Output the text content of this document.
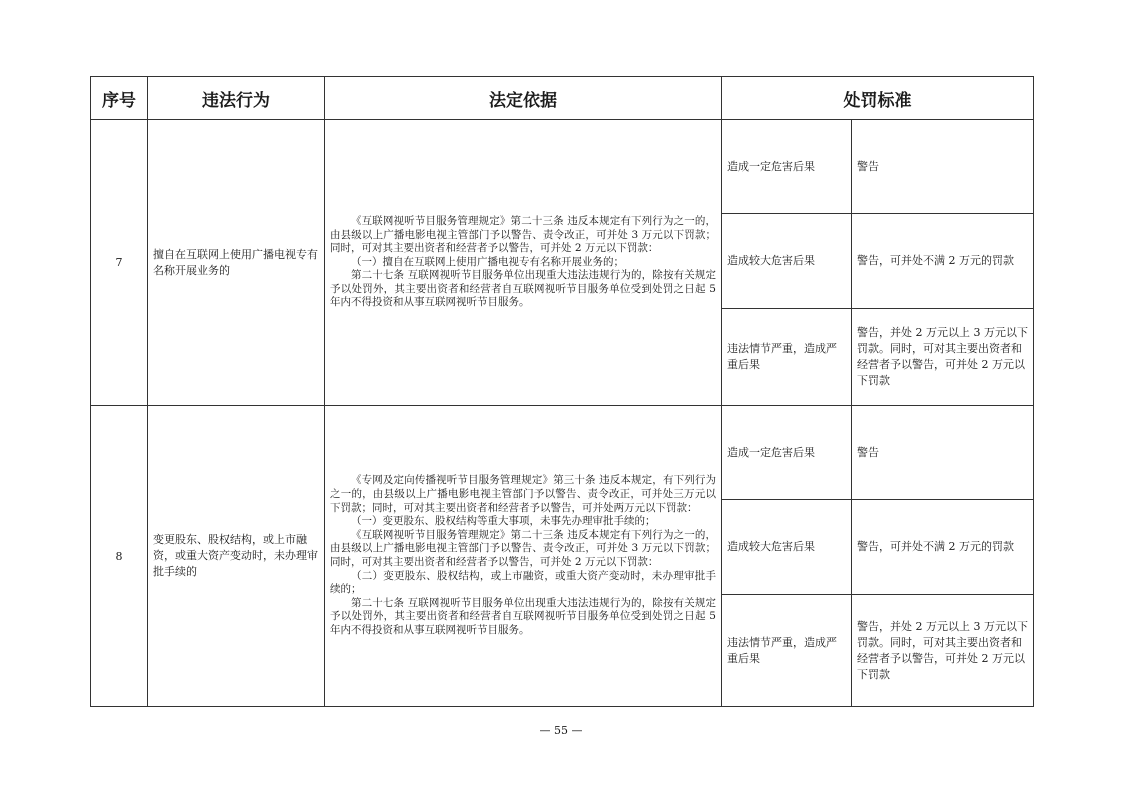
序号	违法行为	法定依据	处罚标准	
7	擅自在互联网上使用广播电视专有名称开展业务的	《互联网视听节目服务管理规定》第二十三条 违反本规定有下列行为之一的，由县级以上广播电影电视主管部门予以警告、责令改正，可并处 3 万元以下罚款；同时，可对其主要出资者和经营者予以警告，可并处 2 万元以下罚款：

（一）擅自在互联网上使用广播电视专有名称开展业务的；

第二十七条 互联网视听节目服务单位出现重大违法违规行为的，除按有关规定予以处罚外，其主要出资者和经营者自互联网视听节目服务单位受到处罚之日起 5 年内不得投资和从事互联网视听节目服务。	造成一定危害后果	警告
			造成较大危害后果	警告，可并处不满 2 万元的罚款
			违法情节严重，造成严重后果	警告，并处 2 万元以上 3 万元以下罚款。同时，可对其主要出资者和经营者予以警告，可并处 2 万元以下罚款
8	变更股东、股权结构，或上市融资，或重大资产变动时，未办理审批手续的	《专网及定向传播视听节目服务管理规定》第三十条 违反本规定，有下列行为之一的，由县级以上广播电影电视主管部门予以警告、责令改正，可并处三万元以下罚款；同时，可对其主要出资者和经营者予以警告，可并处两万元以下罚款：

（一）变更股东、股权结构等重大事项，未事先办理审批手续的；

《互联网视听节目服务管理规定》第二十三条 违反本规定有下列行为之一的，由县级以上广播电影电视主管部门予以警告、责令改正，可并处 3 万元以下罚款；同时，可对其主要出资者和经营者予以警告，可并处 2 万元以下罚款：

（二）变更股东、股权结构，或上市融资，或重大资产变动时，未办理审批手续的；

第二十七条 互联网视听节目服务单位出现重大违法违规行为的，除按有关规定予以处罚外，其主要出资者和经营者自互联网视听节目服务单位受到处罚之日起 5 年内不得投资和从事互联网视听节目服务。	造成一定危害后果	警告
			造成较大危害后果	警告，可并处不满 2 万元的罚款
			违法情节严重，造成严重后果	警告，并处 2 万元以上 3 万元以下罚款。同时，可对其主要出资者和经营者予以警告，可并处 2 万元以下罚款
— 55 —
